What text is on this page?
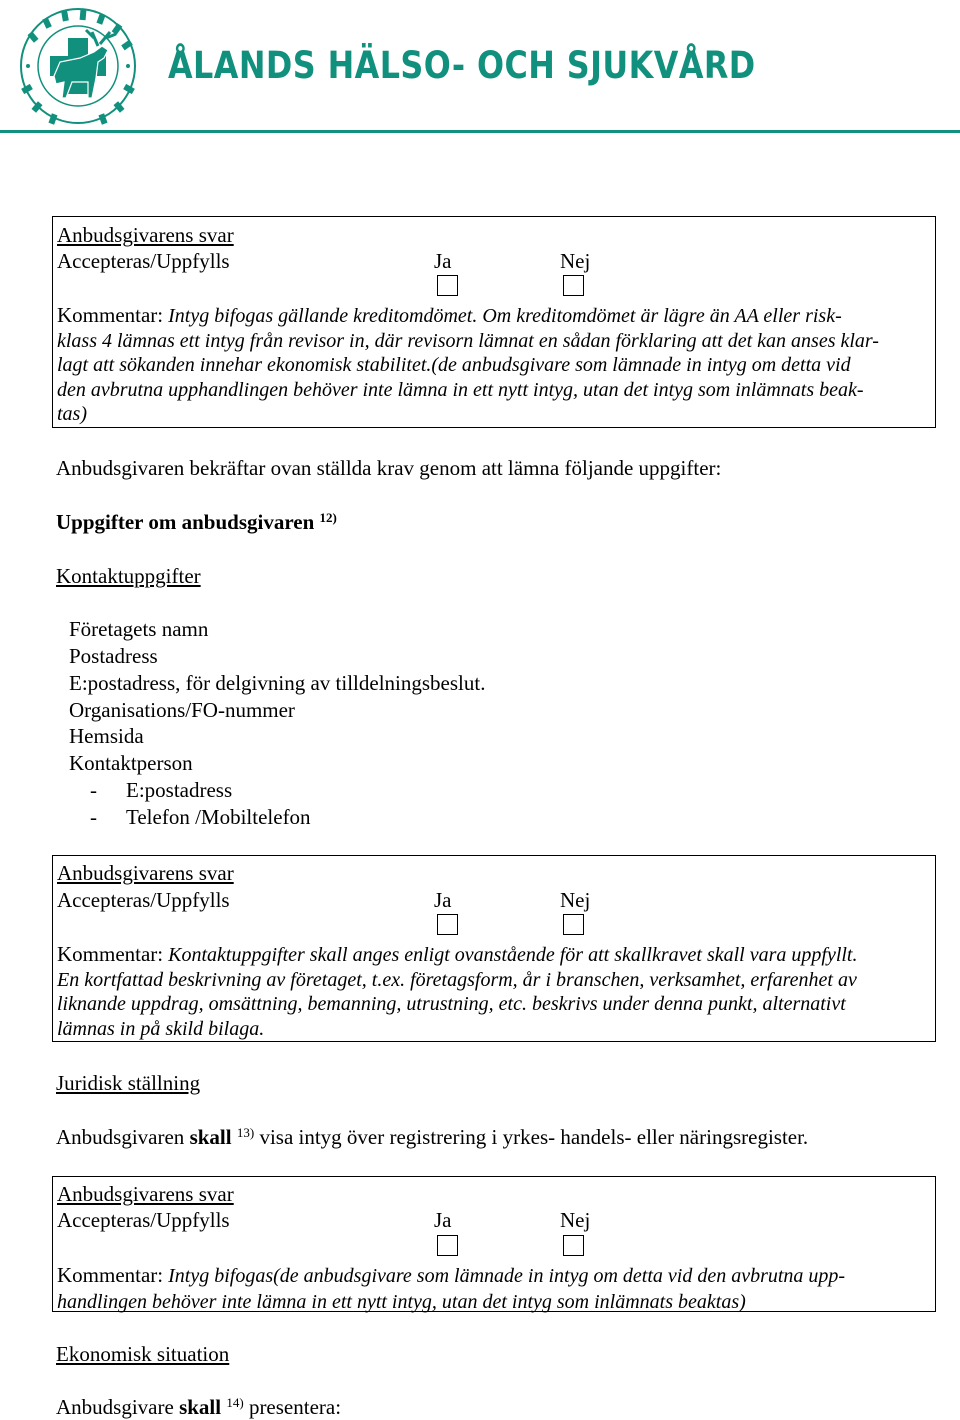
ÅLANDS HÄLSO- OCH SJUKVÅRD
Anbudsgivarens svar
Accepteras/Uppfylls	Ja	Nej
Kommentar: Intyg bifogas gällande kreditomdömet. Om kreditomdömet är lägre än AA eller risk-
klass 4 lämnas ett intyg från revisor in, där revisorn lämnat en sådan förklaring att det kan anses klar-
lagt att sökanden innehar ekonomisk stabilitet.(de anbudsgivare som lämnade in intyg om detta vid
den avbrutna upphandlingen behöver inte lämna in ett nytt intyg, utan det intyg som inlämnats beak-
tas)
Anbudsgivaren bekräftar ovan ställda krav genom att lämna följande uppgifter:
Uppgifter om anbudsgivaren $^{12)}$
Kontaktuppgifter
Företagets namn
Postadress
E:postadress, för delgivning av tilldelningsbeslut.
Organisations/FO-nummer
Hemsida
Kontaktperson
- E:postadress
- Telefon /Mobiltelefon
Anbudsgivarens svar
Accepteras/Uppfylls	Ja	Nej
Kommentar: Kontaktuppgifter skall anges enligt ovanstående för att skallkravet skall vara uppfyllt.
En kortfattad beskrivning av företaget, t.ex. företagsform, år i branschen, verksamhet, erfarenhet av
liknande uppdrag, omsättning, bemanning, utrustning, etc. beskrivs under denna punkt, alternativt
lämnas in på skild bilaga.
Juridisk ställning
Anbudsgivaren skall $^{13)}$ visa intyg över registrering i yrkes- handels- eller näringsregister.
Anbudsgivarens svar
Accepteras/Uppfylls	Ja	Nej
Kommentar: Intyg bifogas(de anbudsgivare som lämnade in intyg om detta vid den avbrutna upp-
handlingen behöver inte lämna in ett nytt intyg, utan det intyg som inlämnats beaktas)
Ekonomisk situation
Anbudsgivare skall $^{14)}$ presentera:
